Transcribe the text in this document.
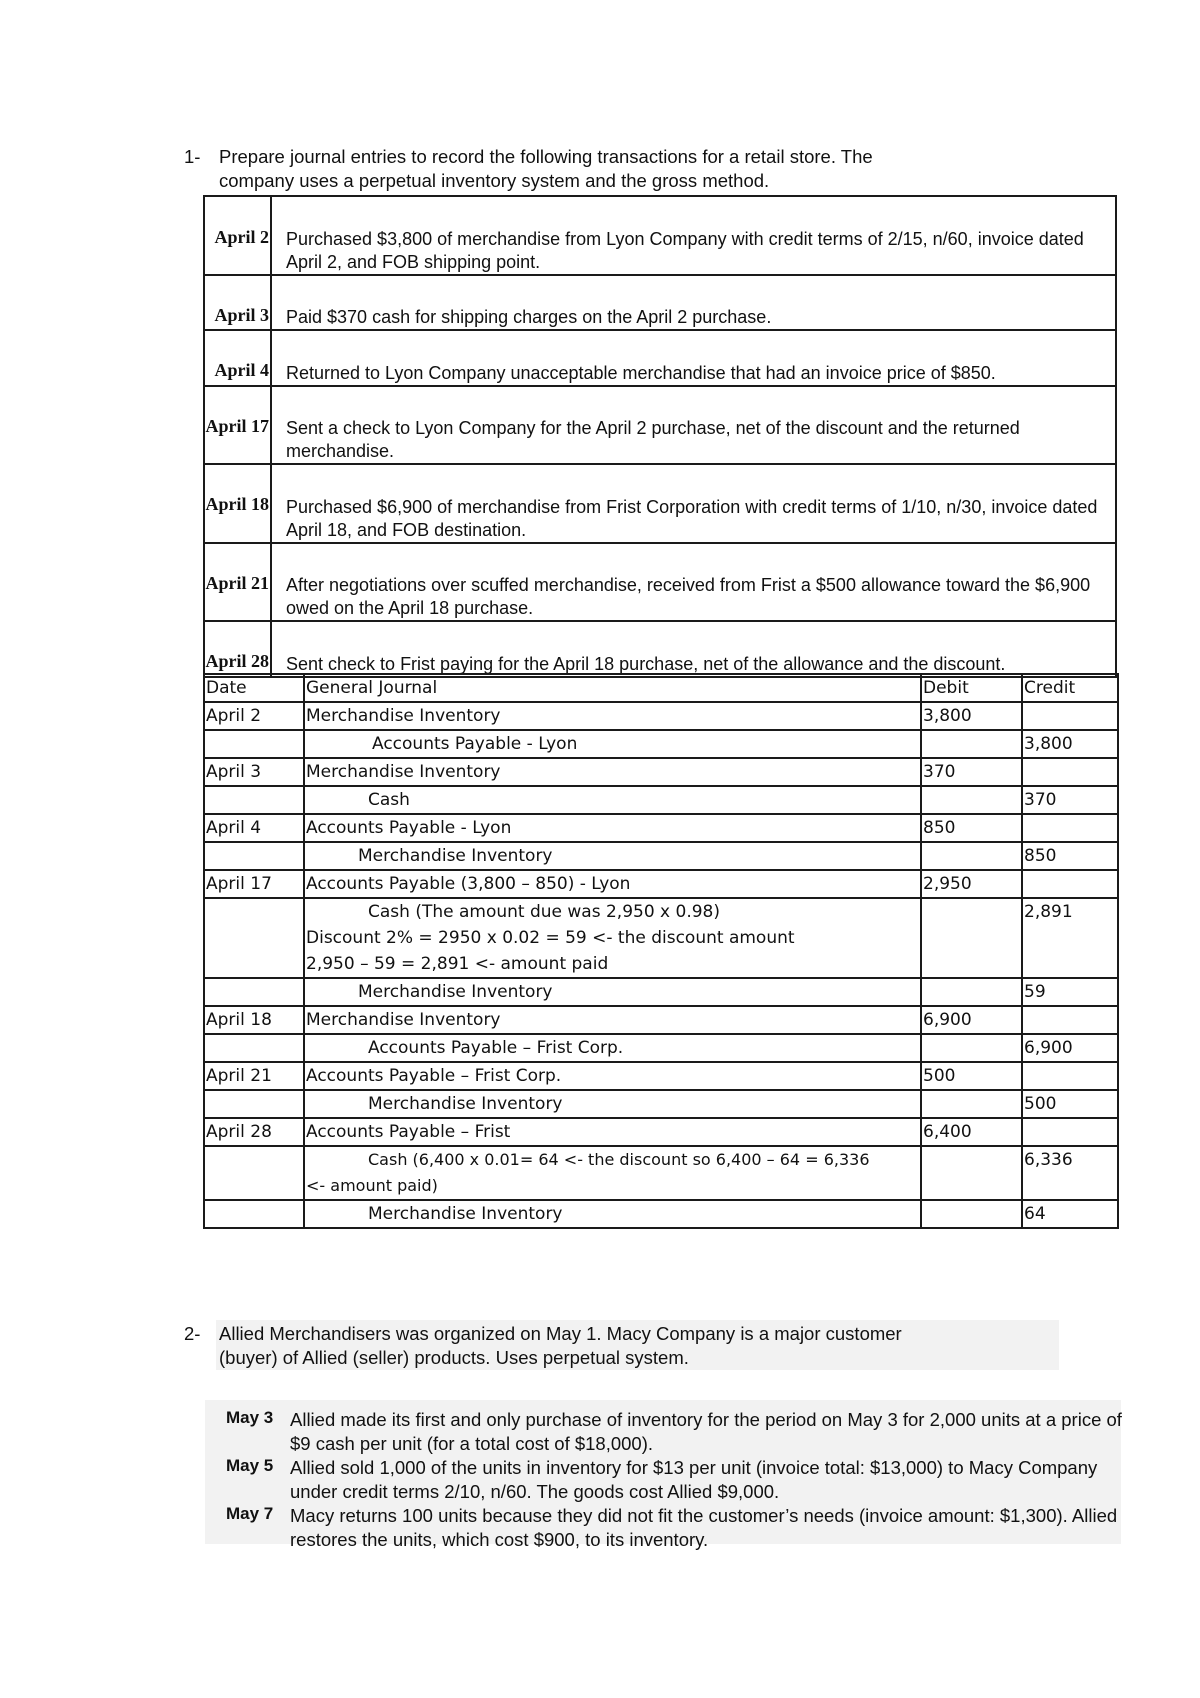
1-	Prepare journal entries to record the following transactions for a retail store. The
company uses a perpetual inventory system and the gross method.
April 2	Purchased $3,800 of merchandise from Lyon Company with credit terms of 2/15, n/60, invoice dated April 2, and FOB shipping point.

April 3	Paid $370 cash for shipping charges on the April 2 purchase.

April 4	Returned to Lyon Company unacceptable merchandise that had an invoice price of $850.

April 17	Sent a check to Lyon Company for the April 2 purchase, net of the discount and the returned merchandise.

April 18	Purchased $6,900 of merchandise from Frist Corporation with credit terms of 1/10, n/30, invoice dated April 18, and FOB destination.

April 21	After negotiations over scuffed merchandise, received from Frist a $500 allowance toward the $6,900 owed on the April 18 purchase.

April 28	Sent check to Frist paying for the April 18 purchase, net of the allowance and the discount.
Date	General Journal	Debit	Credit
April 2	Merchandise Inventory	3,800	
	Accounts Payable - Lyon		3,800
April 3	Merchandise Inventory	370	
	Cash		370
April 4	Accounts Payable - Lyon	850	
	Merchandise Inventory		850
April 17	Accounts Payable (3,800 – 850) - Lyon	2,950	

	Cash (The amount due was 2,950 x 0.98)
Discount 2% = 2950 x 0.02 = 59 <- the discount amount
2,950 – 59 = 2,891 <- amount paid		2,891
	Merchandise Inventory		59
April 18	Merchandise Inventory	6,900	
	Accounts Payable – Frist Corp.		6,900
April 21	Accounts Payable – Frist Corp.	500	
	Merchandise Inventory		500
April 28	Accounts Payable – Frist	6,400	

	Cash (6,400 x 0.01= 64 <- the discount so 6,400 – 64 = 6,336
<- amount paid)		6,336
	Merchandise Inventory		64
2-	Allied Merchandisers was organized on May 1. Macy Company is a major customer
(buyer) of Allied (seller) products. Uses perpetual system.
May 3 Allied made its first and only purchase of inventory for the period on May 3 for 2,000 units at a price of $9 cash per unit (for a total cost of $18,000).
May 5 Allied sold 1,000 of the units in inventory for $13 per unit (invoice total: $13,000) to Macy Company under credit terms 2/10, n/60. The goods cost Allied $9,000.
May 7 Macy returns 100 units because they did not fit the customer’s needs (invoice amount: $1,300). Allied restores the units, which cost $900, to its inventory.
